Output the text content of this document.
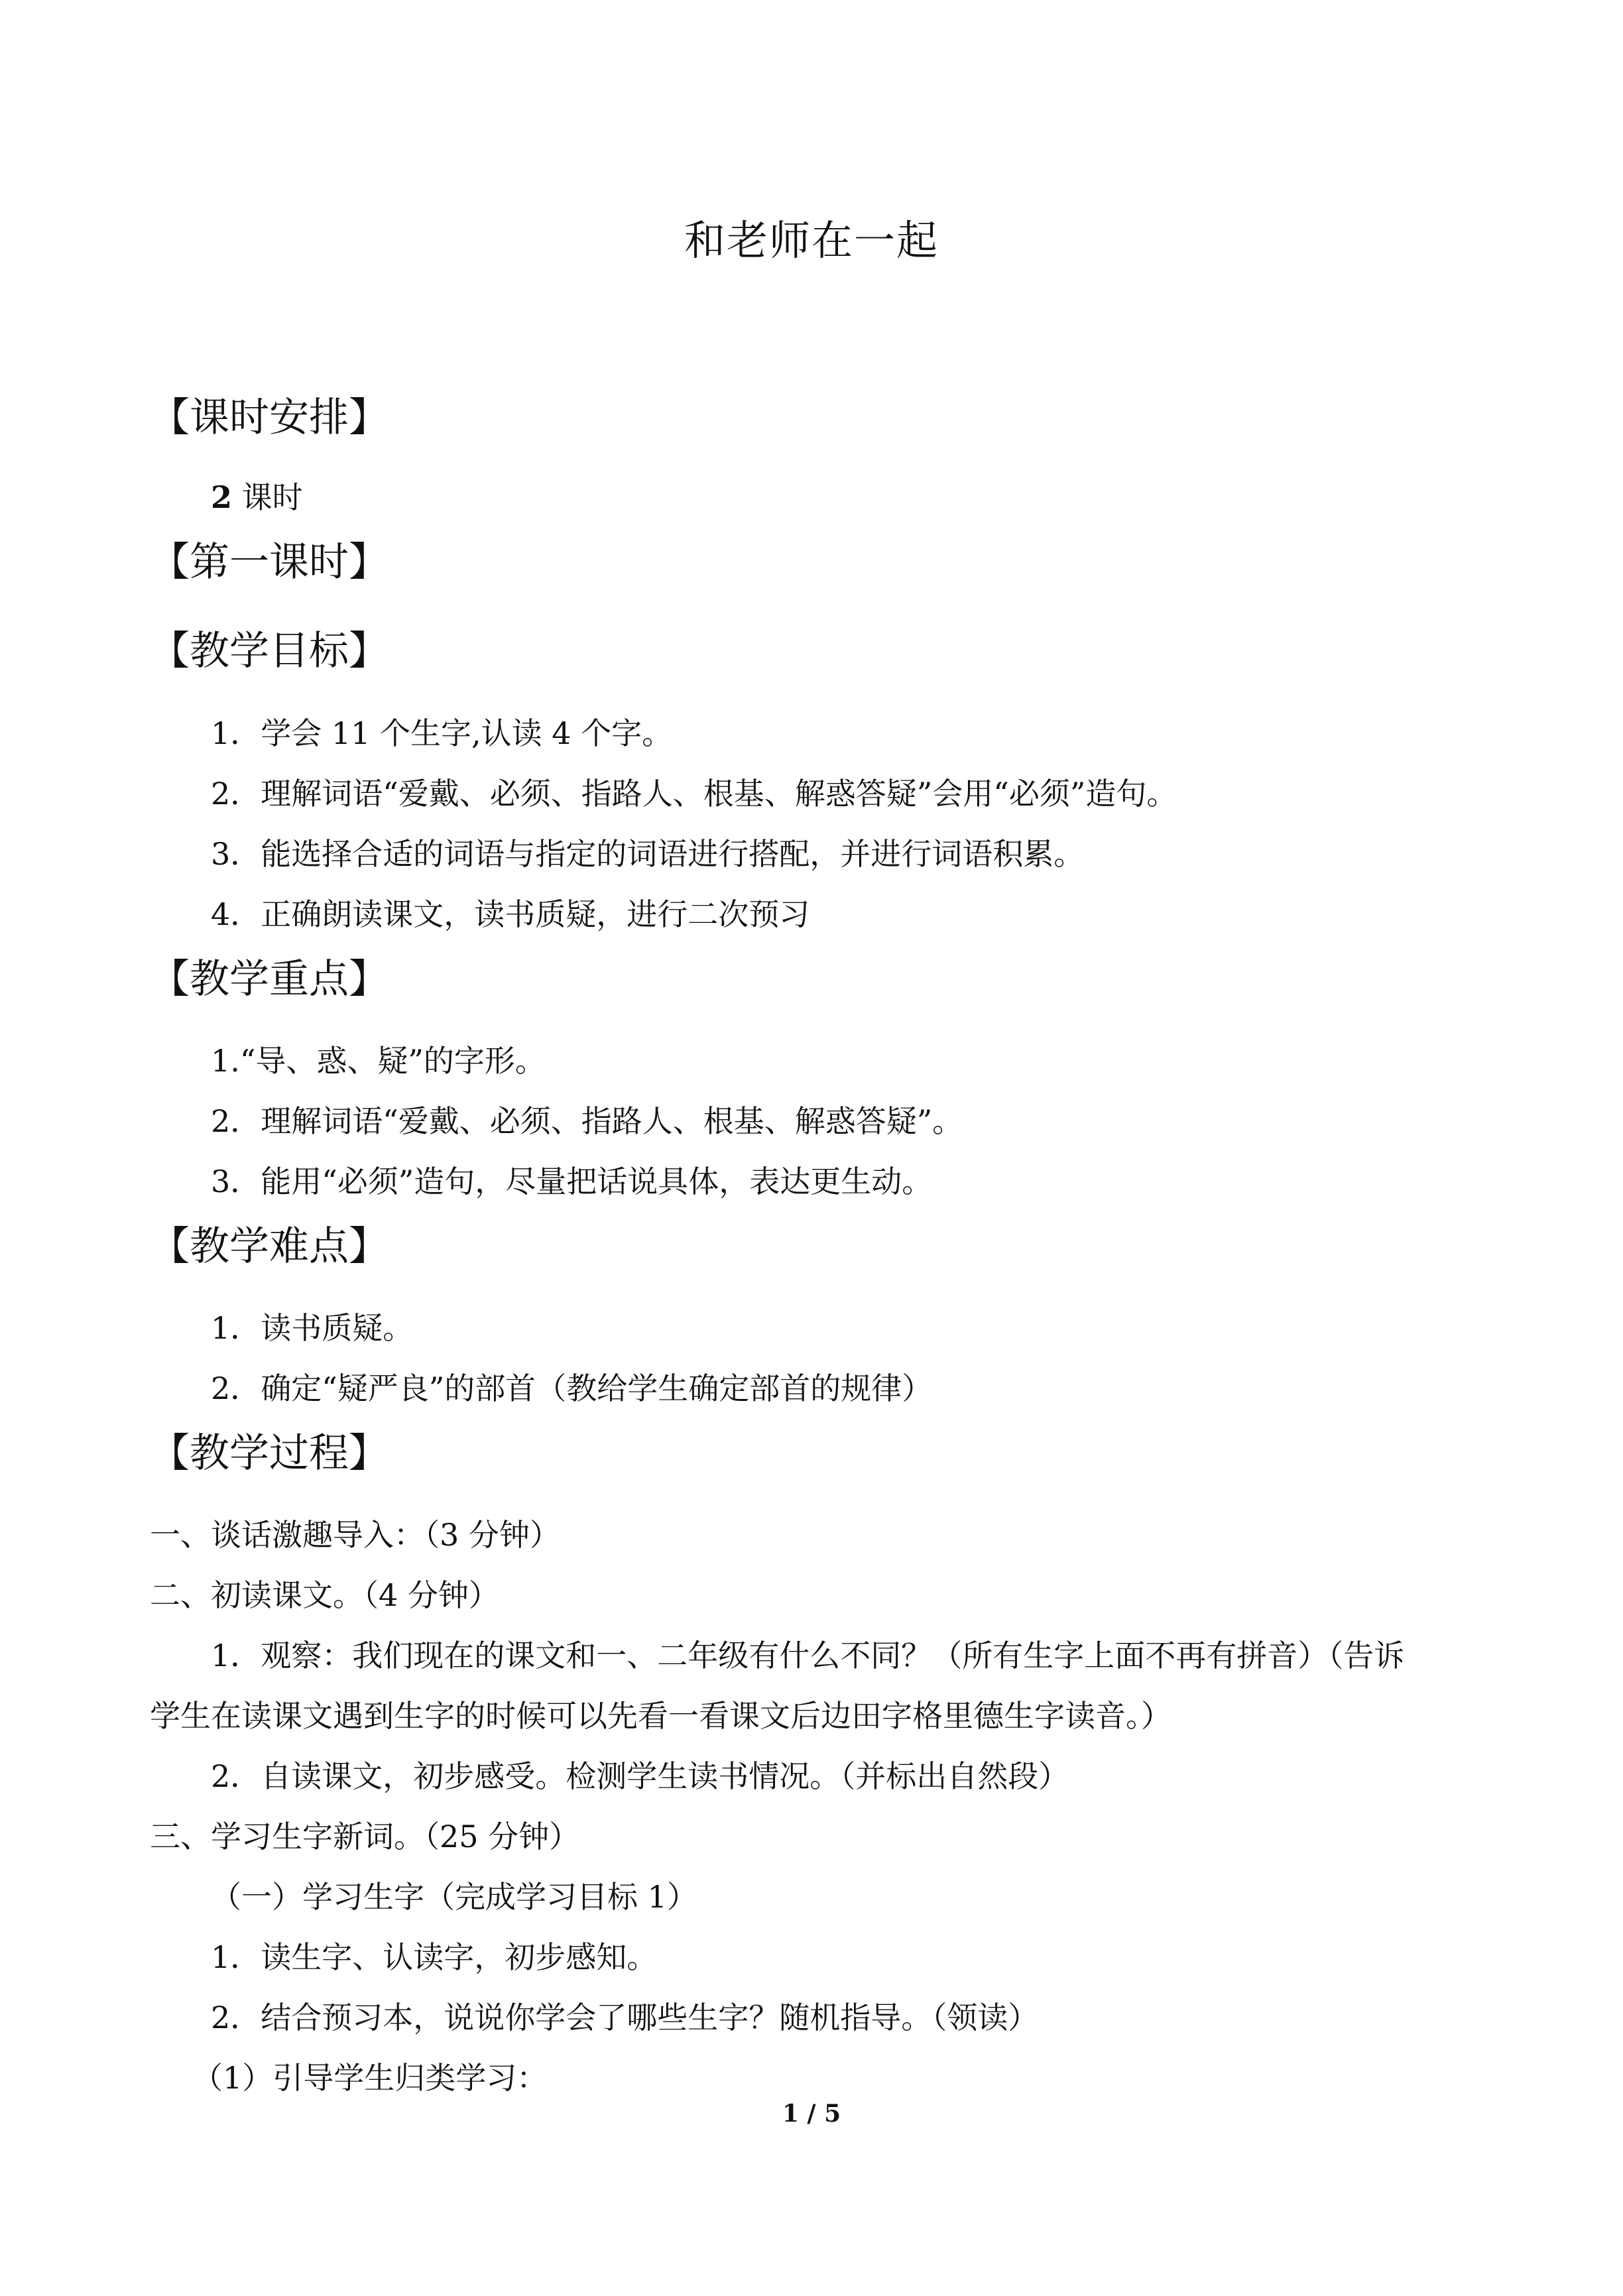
和老师在一起
【课时安排】
2 课时
【第一课时】
【教学目标】
1．学会 11 个生字,认读 4 个字。
2．理解词语“爱戴、必须、指路人、根基、解惑答疑”会用“必须”造句。
3．能选择合适的词语与指定的词语进行搭配，并进行词语积累。
4．正确朗读课文，读书质疑，进行二次预习
【教学重点】
1.“导、惑、疑”的字形。
2．理解词语“爱戴、必须、指路人、根基、解惑答疑”。
3．能用“必须”造句，尽量把话说具体，表达更生动。
【教学难点】
1．读书质疑。
2．确定“疑严良”的部首（教给学生确定部首的规律）
【教学过程】
一、谈话激趣导入：（3 分钟）
二、初读课文。（4 分钟）
1．观察：我们现在的课文和一、二年级有什么不同？（所有生字上面不再有拼音）（告诉
学生在读课文遇到生字的时候可以先看一看课文后边田字格里德生字读音。）
2．自读课文，初步感受。检测学生读书情况。（并标出自然段）
三、学习生字新词。（25 分钟）
（一）学习生字（完成学习目标 1）
1．读生字、认读字，初步感知。
2．结合预习本，说说你学会了哪些生字？随机指导。（领读）
（1）引导学生归类学习：
1 / 5
